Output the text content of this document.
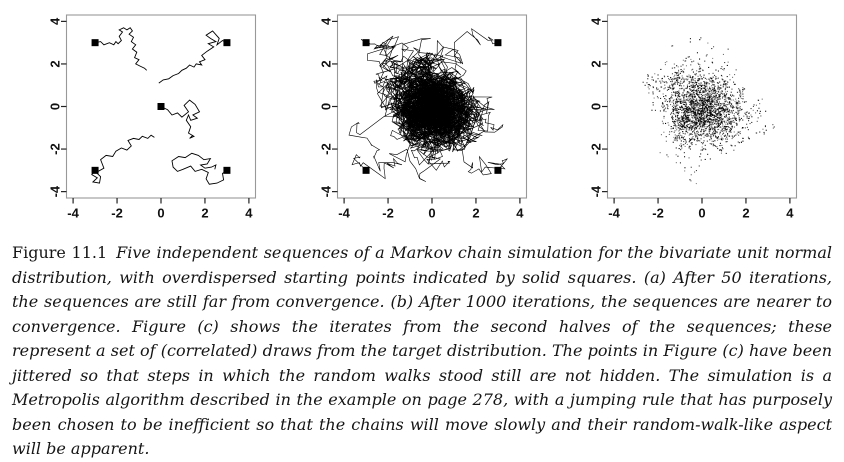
-4 -2	0	2	4
-4
-2
0
2
4
-4 -2	0	2	4
-4
-2
0
2
4
-4 -2	0	2	4
-4
-2
0
2
4

Figure 11.1 Five independent sequences of a Markov chain simulation for the bivariate unit normal distribution, with overdispersed starting points indicated by solid squares. (a) After 50 iterations, the sequences are still far from convergence. (b) After 1000 iterations, the sequences are nearer to convergence. Figure (c) shows the iterates from the second halves of the sequences; these represent a set of (correlated) draws from the target distribution. The points in Figure (c) have been jittered so that steps in which the random walks stood still are not hidden. The simulation is a Metropolis algorithm described in the example on page 278, with a jumping rule that has purposely been chosen to be inefficient so that the chains will move slowly and their random-walk-like aspect will be apparent.
